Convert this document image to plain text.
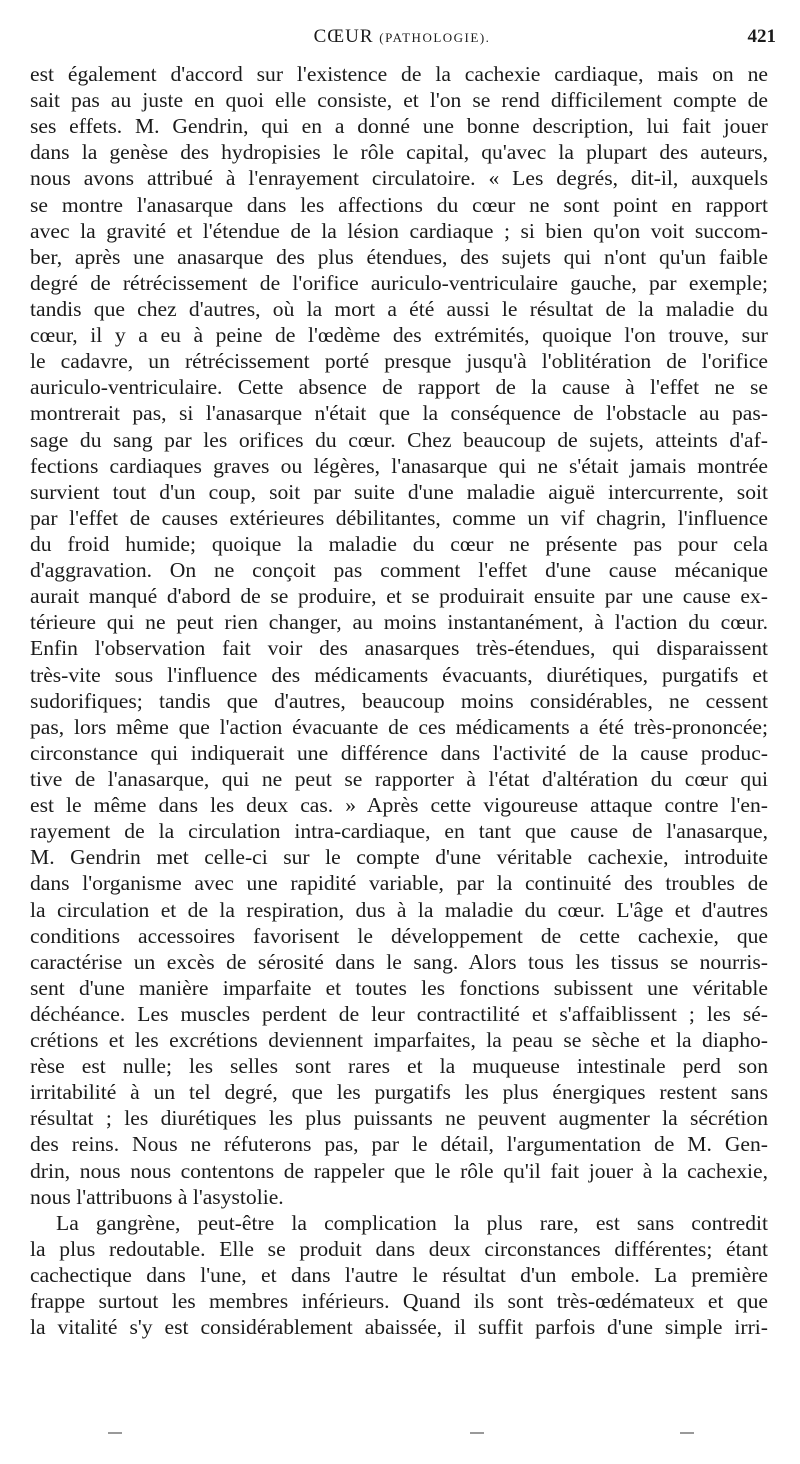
CŒUR (PATHOLOGIE).	421
est également d'accord sur l'existence de la cachexie cardiaque, mais on ne
sait pas au juste en quoi elle consiste, et l'on se rend difficilement compte de
ses effets. M. Gendrin, qui en a donné une bonne description, lui fait jouer
dans la genèse des hydropisies le rôle capital, qu'avec la plupart des auteurs,
nous avons attribué à l'enrayement circulatoire. « Les degrés, dit-il, auxquels
se montre l'anasarque dans les affections du cœur ne sont point en rapport
avec la gravité et l'étendue de la lésion cardiaque ; si bien qu'on voit succom-
ber, après une anasarque des plus étendues, des sujets qui n'ont qu'un faible
degré de rétrécissement de l'orifice auriculo-ventriculaire gauche, par exemple;
tandis que chez d'autres, où la mort a été aussi le résultat de la maladie du
cœur, il y a eu à peine de l'œdème des extrémités, quoique l'on trouve, sur
le cadavre, un rétrécissement porté presque jusqu'à l'oblitération de l'orifice
auriculo-ventriculaire. Cette absence de rapport de la cause à l'effet ne se
montrerait pas, si l'anasarque n'était que la conséquence de l'obstacle au pas-
sage du sang par les orifices du cœur. Chez beaucoup de sujets, atteints d'af-
fections cardiaques graves ou légères, l'anasarque qui ne s'était jamais montrée
survient tout d'un coup, soit par suite d'une maladie aiguë intercurrente, soit
par l'effet de causes extérieures débilitantes, comme un vif chagrin, l'influence
du froid humide; quoique la maladie du cœur ne présente pas pour cela
d'aggravation. On ne conçoit pas comment l'effet d'une cause mécanique
aurait manqué d'abord de se produire, et se produirait ensuite par une cause ex-
térieure qui ne peut rien changer, au moins instantanément, à l'action du cœur.
Enfin l'observation fait voir des anasarques très-étendues, qui disparaissent
très-vite sous l'influence des médicaments évacuants, diurétiques, purgatifs et
sudorifiques; tandis que d'autres, beaucoup moins considérables, ne cessent
pas, lors même que l'action évacuante de ces médicaments a été très-prononcée;
circonstance qui indiquerait une différence dans l'activité de la cause produc-
tive de l'anasarque, qui ne peut se rapporter à l'état d'altération du cœur qui
est le même dans les deux cas. » Après cette vigoureuse attaque contre l'en-
rayement de la circulation intra-cardiaque, en tant que cause de l'anasarque,
M. Gendrin met celle-ci sur le compte d'une véritable cachexie, introduite
dans l'organisme avec une rapidité variable, par la continuité des troubles de
la circulation et de la respiration, dus à la maladie du cœur. L'âge et d'autres
conditions accessoires favorisent le développement de cette cachexie, que
caractérise un excès de sérosité dans le sang. Alors tous les tissus se nourris-
sent d'une manière imparfaite et toutes les fonctions subissent une véritable
déchéance. Les muscles perdent de leur contractilité et s'affaiblissent ; les sé-
crétions et les excrétions deviennent imparfaites, la peau se sèche et la diapho-
rèse est nulle; les selles sont rares et la muqueuse intestinale perd son
irritabilité à un tel degré, que les purgatifs les plus énergiques restent sans
résultat ; les diurétiques les plus puissants ne peuvent augmenter la sécrétion
des reins. Nous ne réfuterons pas, par le détail, l'argumentation de M. Gen-
drin, nous nous contentons de rappeler que le rôle qu'il fait jouer à la cachexie,
nous l'attribuons à l'asystolie.
La gangrène, peut-être la complication la plus rare, est sans contredit
la plus redoutable. Elle se produit dans deux circonstances différentes; étant
cachectique dans l'une, et dans l'autre le résultat d'un embole. La première
frappe surtout les membres inférieurs. Quand ils sont très-œdémateux et que
la vitalité s'y est considérablement abaissée, il suffit parfois d'une simple irri-
